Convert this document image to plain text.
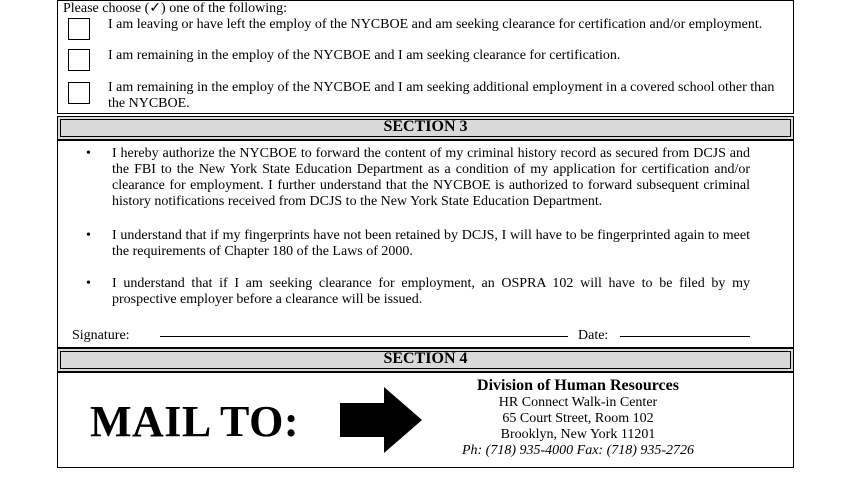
Please choose (✓) one of the following:
I am leaving or have left the employ of the NYCBOE and am seeking clearance for certification and/or employment.
I am remaining in the employ of the NYCBOE and I am seeking clearance for certification.
I am remaining in the employ of the NYCBOE and I am seeking additional employment in a covered school other than
the NYCBOE.
SECTION 3
• I hereby authorize the NYCBOE to forward the content of my criminal history record as secured from DCJS and the FBI to the New York State Education Department as a condition of my application for certification and/or clearance for employment. I further understand that the NYCBOE is authorized to forward subsequent criminal history notifications received from DCJS to the New York State Education Department.
• I understand that if my fingerprints have not been retained by DCJS, I will have to be fingerprinted again to meet the requirements of Chapter 180 of the Laws of 2000.
• I understand that if I am seeking clearance for employment, an OSPRA 102 will have to be filed by my prospective employer before a clearance will be issued.
Signature:	Date:
SECTION 4
MAIL TO:
Division of Human Resources
HR Connect Walk-in Center
65 Court Street, Room 102
Brooklyn, New York 11201
Ph: (718) 935-4000 Fax: (718) 935-2726
